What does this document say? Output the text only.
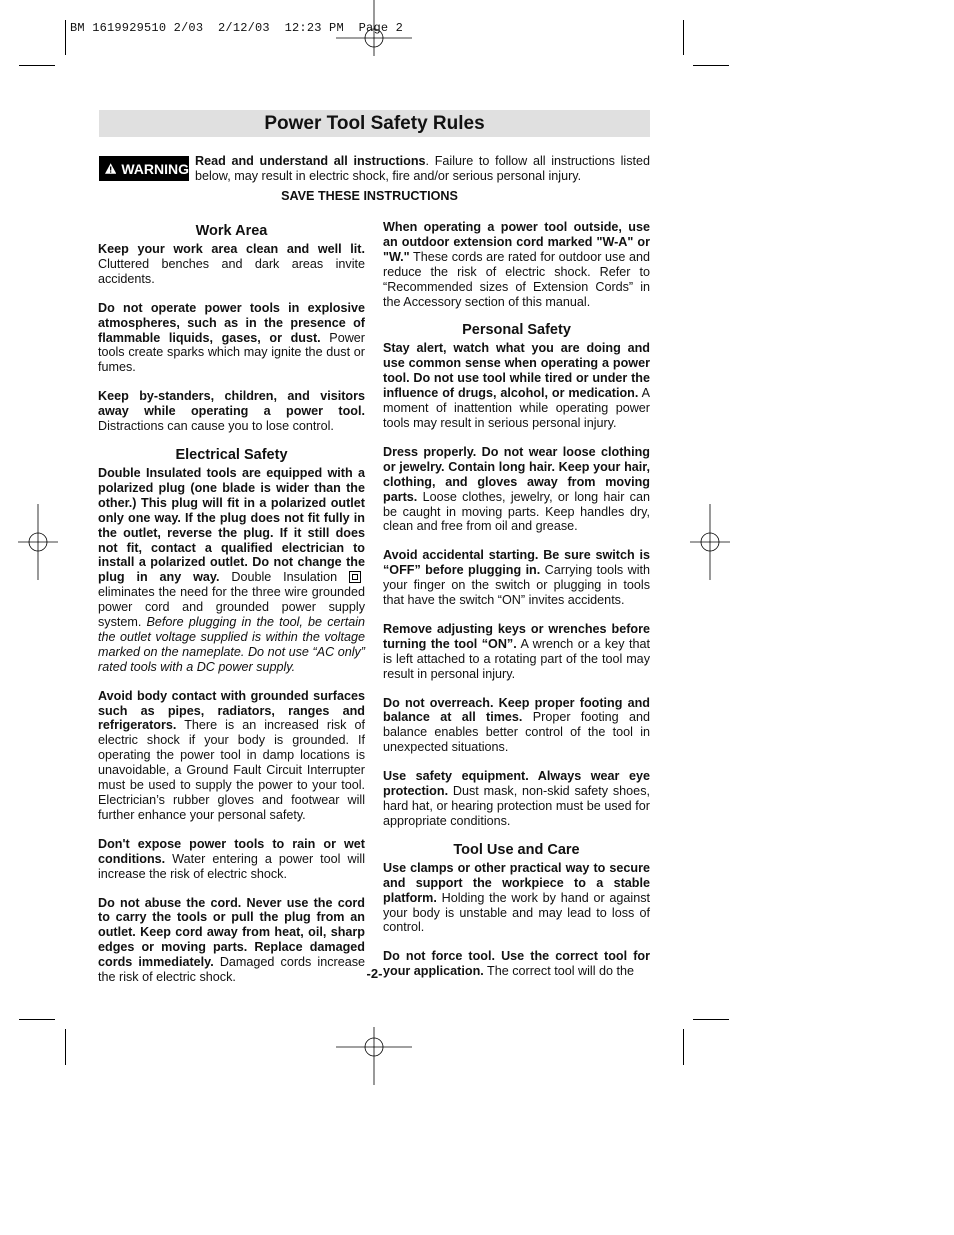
BM 1619929510 2/03  2/12/03  12:23 PM  Page 2
Power Tool Safety Rules
WARNING Read and understand all instructions. Failure to follow all instructions listed below, may result in electric shock, fire and/or serious personal injury.
SAVE THESE INSTRUCTIONS
Work Area

Keep your work area clean and well lit. Cluttered benches and dark areas invite accidents.

Do not operate power tools in explosive atmospheres, such as in the presence of flammable liquids, gases, or dust. Power tools create sparks which may ignite the dust or fumes.

Keep by-standers, children, and visitors away while operating a power tool. Distractions can cause you to lose control.

Electrical Safety

Double Insulated tools are equipped with a polarized plug (one blade is wider than the other.) This plug will fit in a polarized outlet only one way. If the plug does not fit fully in the outlet, reverse the plug. If it still does not fit, contact a qualified electrician to install a polarized outlet. Do not change the plug in any way. Double Insulation eliminates the need for the three wire grounded power cord and grounded power supply system. Before plugging in the tool, be certain the outlet voltage supplied is within the voltage marked on the nameplate. Do not use “AC only” rated tools with a DC power supply.

Avoid body contact with grounded surfaces such as pipes, radiators, ranges and refrigerators. There is an increased risk of electric shock if your body is grounded. If operating the power tool in damp locations is unavoidable, a Ground Fault Circuit Interrupter must be used to supply the power to your tool. Electrician’s rubber gloves and footwear will further enhance your personal safety.

Don't expose power tools to rain or wet conditions. Water entering a power tool will increase the risk of electric shock.

Do not abuse the cord. Never use the cord to carry the tools or pull the plug from an outlet. Keep cord away from heat, oil, sharp edges or moving parts. Replace damaged cords immediately. Damaged cords increase the risk of electric shock.

When operating a power tool outside, use an outdoor extension cord marked "W-A" or "W." These cords are rated for outdoor use and reduce the risk of electric shock. Refer to “Recommended sizes of Extension Cords” in the Accessory section of this manual.

Personal Safety

Stay alert, watch what you are doing and use common sense when operating a power tool. Do not use tool while tired or under the influence of drugs, alcohol, or medication. A moment of inattention while operating power tools may result in serious personal injury.

Dress properly. Do not wear loose clothing or jewelry. Contain long hair. Keep your hair, clothing, and gloves away from moving parts. Loose clothes, jewelry, or long hair can be caught in moving parts. Keep handles dry, clean and free from oil and grease.

Avoid accidental starting. Be sure switch is “OFF” before plugging in. Carrying tools with your finger on the switch or plugging in tools that have the switch “ON” invites accidents.

Remove adjusting keys or wrenches before turning the tool “ON”. A wrench or a key that is left attached to a rotating part of the tool may result in personal injury.

Do not overreach. Keep proper footing and balance at all times. Proper footing and balance enables better control of the tool in unexpected situations.

Use safety equipment. Always wear eye protection. Dust mask, non-skid safety shoes, hard hat, or hearing protection must be used for appropriate conditions.

Tool Use and Care

Use clamps or other practical way to secure and support the workpiece to a stable platform. Holding the work by hand or against your body is unstable and may lead to loss of control.

Do not force tool. Use the correct tool for your application. The correct tool will do the

-2-
